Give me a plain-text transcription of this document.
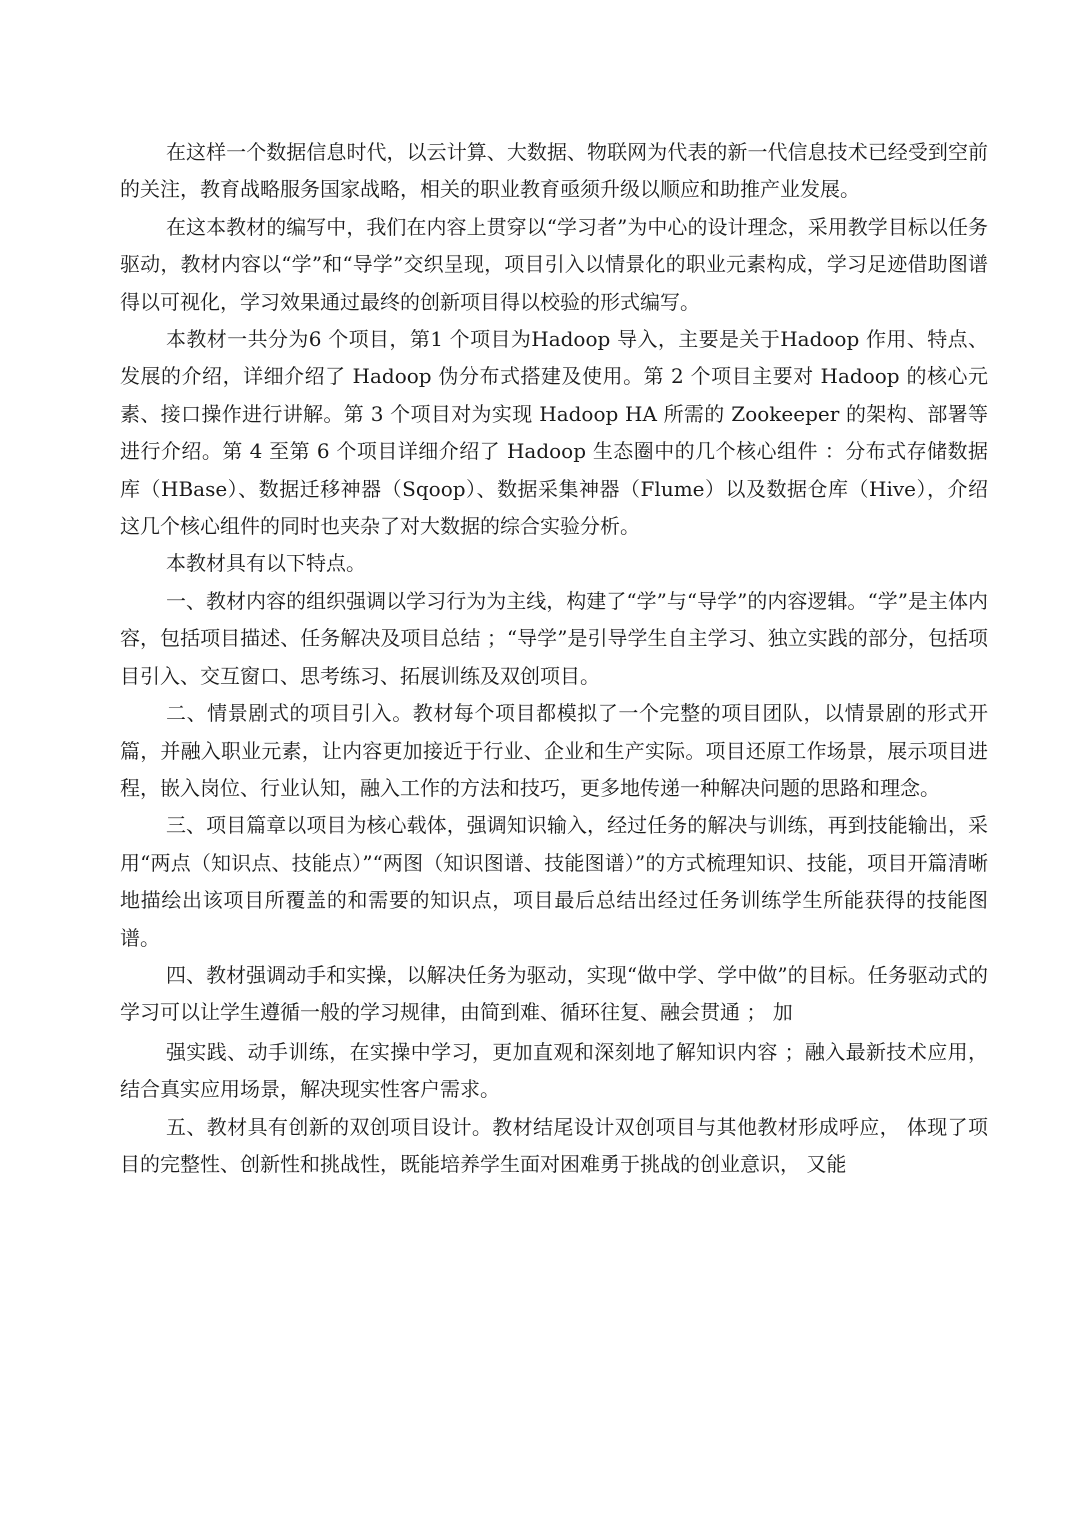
在这样一个数据信息时代，以云计算、大数据、物联网为代表的新一代信息技术已经受到空前的关注，教育战略服务国家战略，相关的职业教育亟须升级以顺应和助推产业发展。

在这本教材的编写中，我们在内容上贯穿以“学习者”为中心的设计理念，采用教学目标以任务驱动，教材内容以“学”和“导学”交织呈现，项目引入以情景化的职业元素构成，学习足迹借助图谱得以可视化，学习效果通过最终的创新项目得以校验的形式编写。

本教材一共分为6 个项目，第1 个项目为Hadoop 导入，主要是关于Hadoop 作用、特点、发展的介绍，详细介绍了 Hadoop 伪分布式搭建及使用。第 2 个项目主要对 Hadoop 的核心元素、接口操作进行讲解。第 3 个项目对为实现 Hadoop HA 所需的 Zookeeper 的架构、部署等进行介绍。第 4 至第 6 个项目详细介绍了 Hadoop 生态圈中的几个核心组件 ：分布式存储数据库（HBase）、数据迁移神器（Sqoop）、数据采集神器（Flume）以及数据仓库（Hive），介绍这几个核心组件的同时也夹杂了对大数据的综合实验分析。

本教材具有以下特点。

一、教材内容的组织强调以学习行为为主线，构建了“学”与“导学”的内容逻辑。“学”是主体内容，包括项目描述、任务解决及项目总结 ；“导学”是引导学生自主学习、独立实践的部分，包括项目引入、交互窗口、思考练习、拓展训练及双创项目。

二、情景剧式的项目引入。教材每个项目都模拟了一个完整的项目团队，以情景剧的形式开篇，并融入职业元素，让内容更加接近于行业、企业和生产实际。项目还原工作场景，展示项目进程，嵌入岗位、行业认知，融入工作的方法和技巧，更多地传递一种解决问题的思路和理念。

三、项目篇章以项目为核心载体，强调知识输入，经过任务的解决与训练，再到技能输出，采用“两点（知识点、技能点）”“两图（知识图谱、技能图谱）”的方式梳理知识、技能，项目开篇清晰地描绘出该项目所覆盖的和需要的知识点，项目最后总结出经过任务训练学生所能获得的技能图谱。

四、教材强调动手和实操，以解决任务为驱动，实现“做中学、学中做”的目标。任务驱动式的学习可以让学生遵循一般的学习规律，由简到难、循环往复、融会贯通 ； 加

强实践、动手训练，在实操中学习，更加直观和深刻地了解知识内容 ；融入最新技术应用，结合真实应用场景，解决现实性客户需求。

五、教材具有创新的双创项目设计。教材结尾设计双创项目与其他教材形成呼应， 体现了项目的完整性、创新性和挑战性，既能培养学生面对困难勇于挑战的创业意识， 又能
